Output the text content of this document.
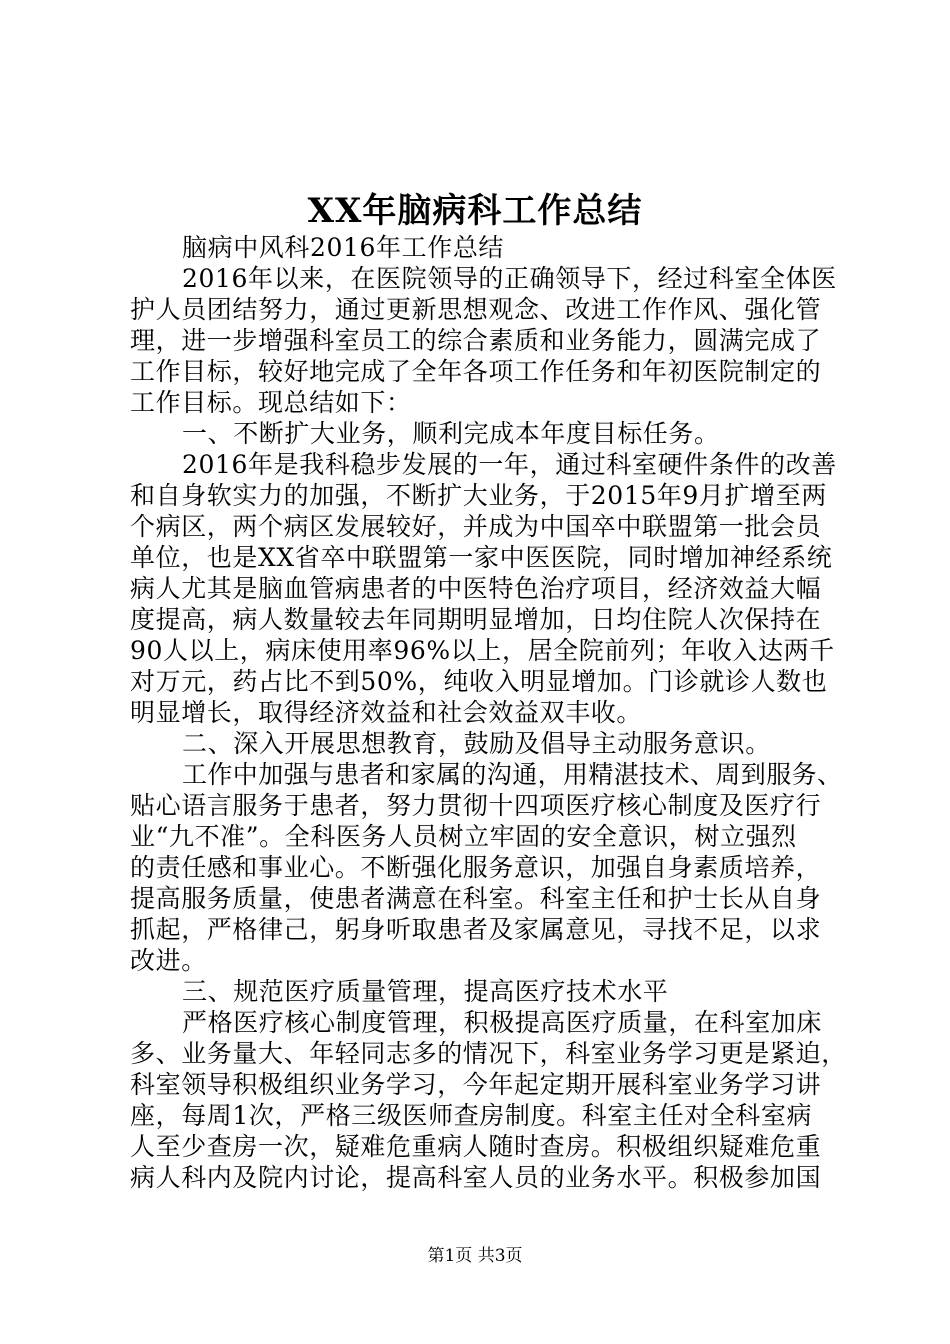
XX年脑病科工作总结
脑病中风科2016年工作总结
2016年以来，在医院领导的正确领导下，经过科室全体医
护人员团结努力，通过更新思想观念、改进工作作风、强化管
理，进一步增强科室员工的综合素质和业务能力，圆满完成了
工作目标，较好地完成了全年各项工作任务和年初医院制定的
工作目标。现总结如下：
一、不断扩大业务，顺利完成本年度目标任务。
2016年是我科稳步发展的一年，通过科室硬件条件的改善
和自身软实力的加强，不断扩大业务，于2015年9月扩增至两
个病区，两个病区发展较好，并成为中国卒中联盟第一批会员
单位，也是XX省卒中联盟第一家中医医院，同时增加神经系统
病人尤其是脑血管病患者的中医特色治疗项目，经济效益大幅
度提高，病人数量较去年同期明显增加，日均住院人次保持在
90人以上，病床使用率96%以上，居全院前列；年收入达两千
对万元，药占比不到50%，纯收入明显增加。门诊就诊人数也
明显增长，取得经济效益和社会效益双丰收。
二、深入开展思想教育，鼓励及倡导主动服务意识。
工作中加强与患者和家属的沟通，用精湛技术、周到服务、
贴心语言服务于患者，努力贯彻十四项医疗核心制度及医疗行
业“九不准”。全科医务人员树立牢固的安全意识，树立强烈
的责任感和事业心。不断强化服务意识，加强自身素质培养，
提高服务质量，使患者满意在科室。科室主任和护士长从自身
抓起，严格律己，躬身听取患者及家属意见，寻找不足，以求
改进。
三、规范医疗质量管理，提高医疗技术水平
严格医疗核心制度管理，积极提高医疗质量，在科室加床
多、业务量大、年轻同志多的情况下，科室业务学习更是紧迫，
科室领导积极组织业务学习，今年起定期开展科室业务学习讲
座，每周1次，严格三级医师查房制度。科室主任对全科室病
人至少查房一次，疑难危重病人随时查房。积极组织疑难危重
病人科内及院内讨论，提高科室人员的业务水平。积极参加国
第1页 共3页
